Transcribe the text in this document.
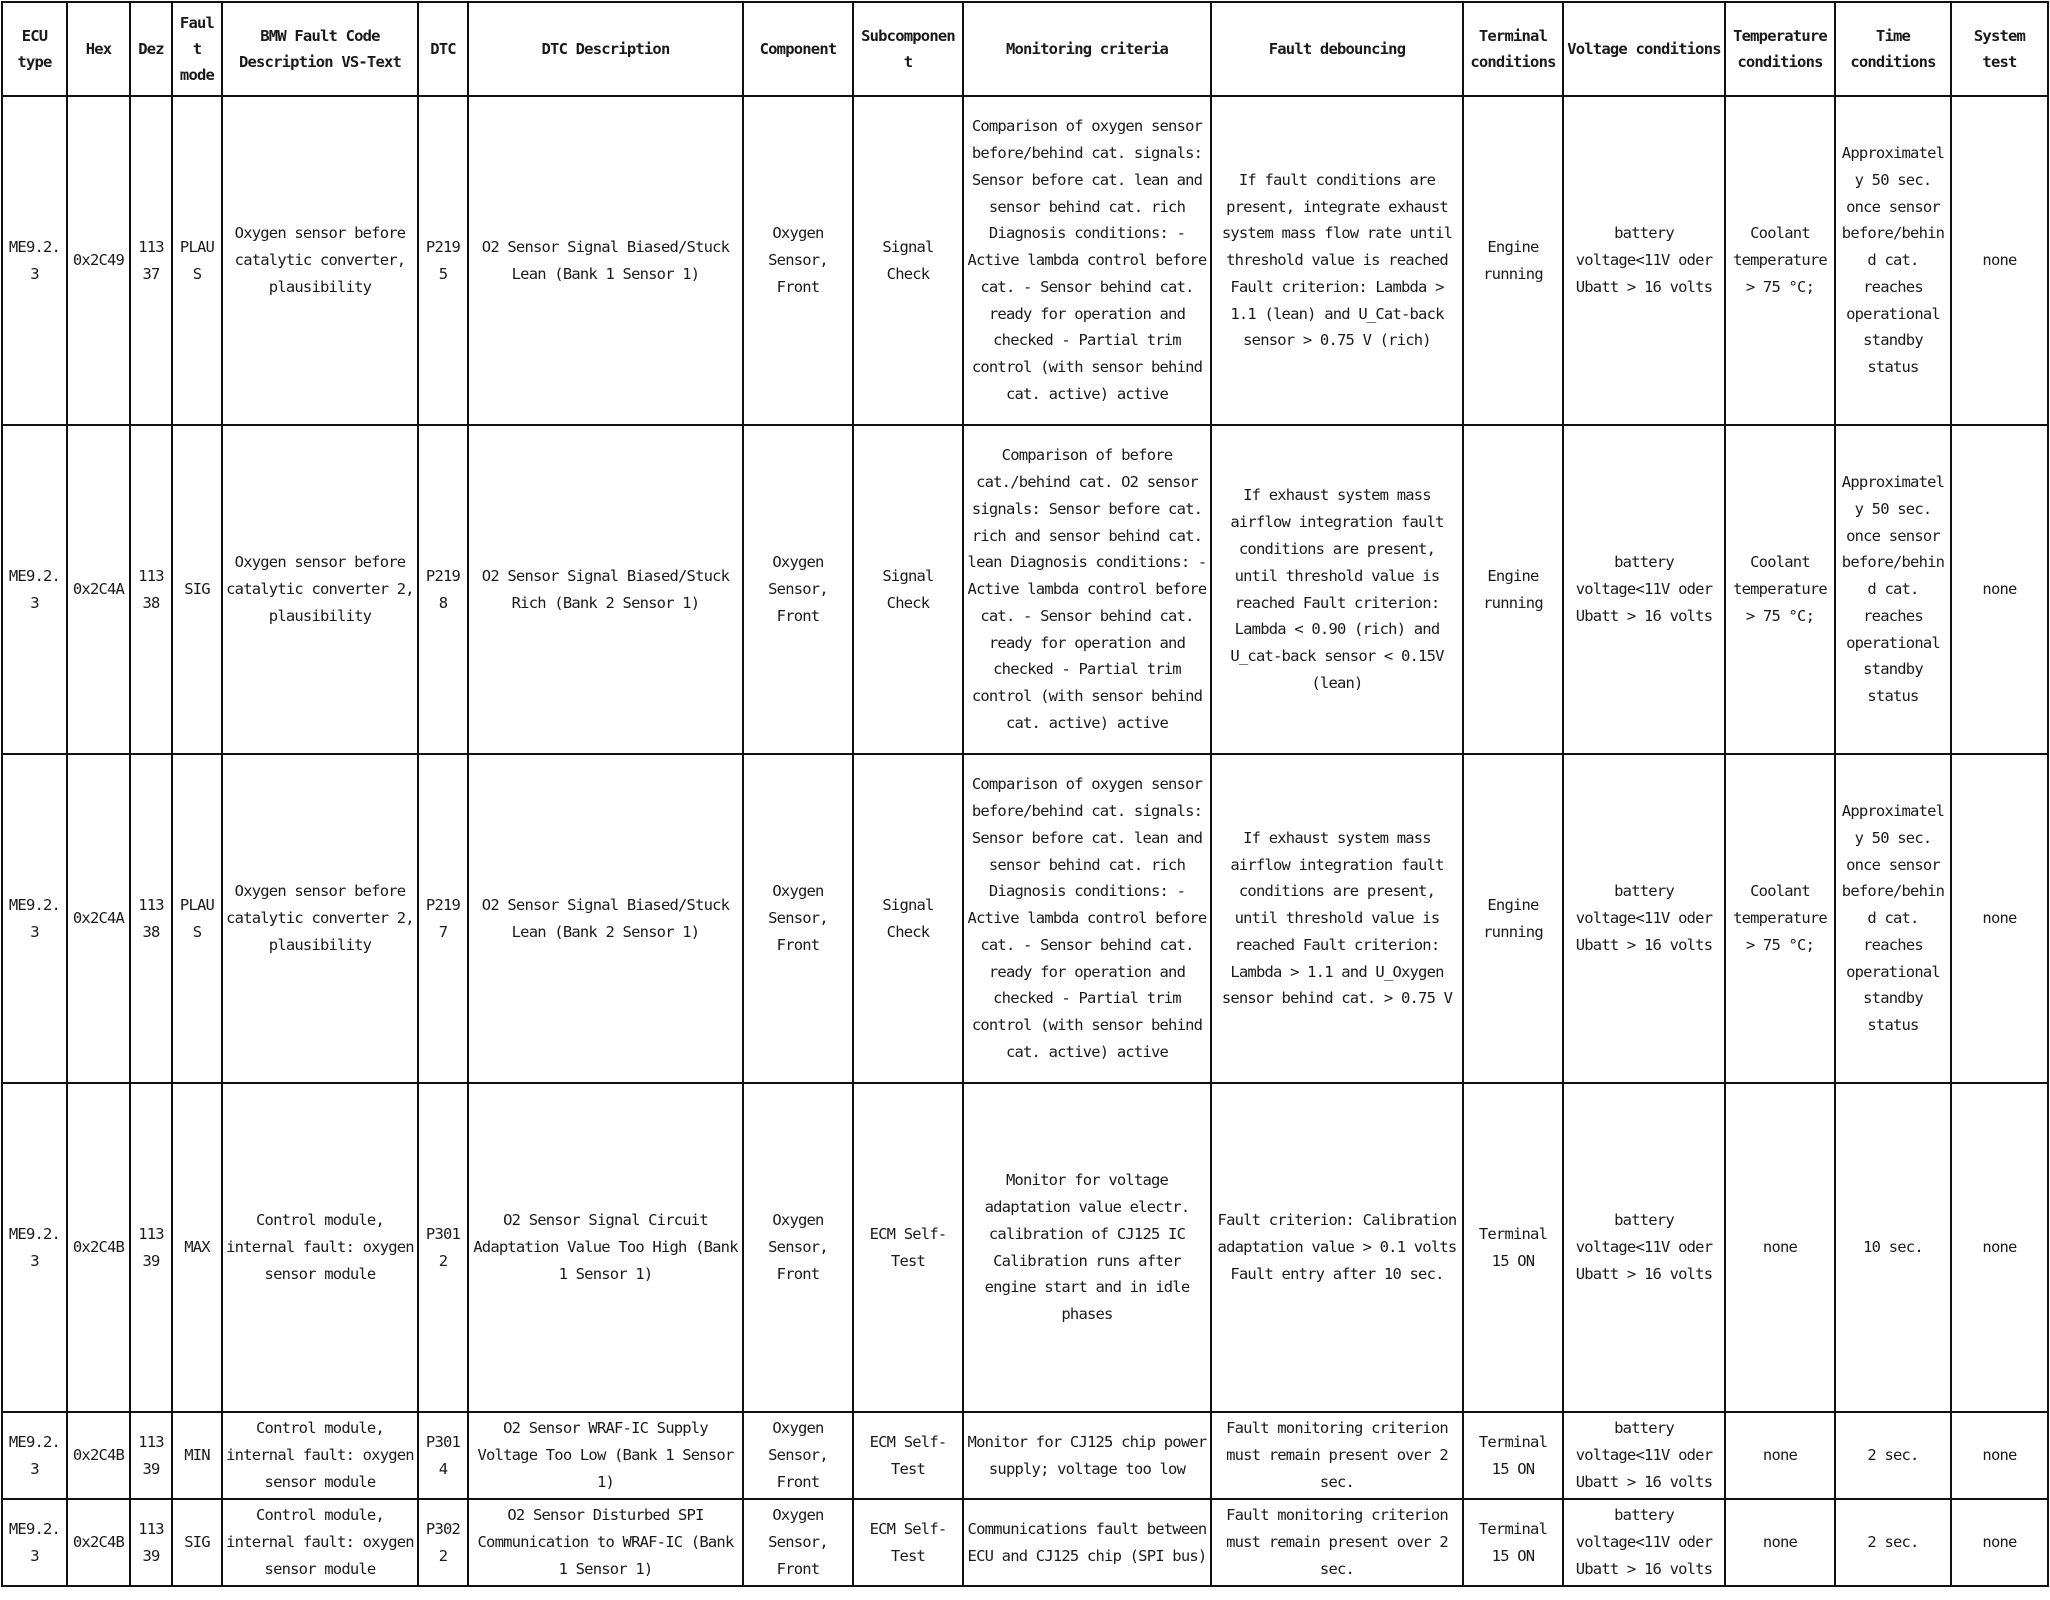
ECU type	Hex	Dez	Fault mode	BMW Fault Code Description VS-Text	DTC	DTC Description	Component	Subcomponent	Monitoring criteria	Fault debouncing	Terminal conditions	Voltage conditions	Temperature conditions	Time conditions	System test
ME9.2.3	0x2C49	11337	PLAUS	Oxygen sensor before catalytic converter, plausibility	P2195	O2 Sensor Signal Biased/Stuck Lean (Bank 1 Sensor 1)	Oxygen Sensor, Front	Signal Check	Comparison of oxygen sensor before/behind cat. signals: Sensor before cat. lean and sensor behind cat. rich Diagnosis conditions: - Active lambda control before cat. - Sensor behind cat. ready for operation and checked - Partial trim control (with sensor behind cat. active) active	If fault conditions are present, integrate exhaust system mass flow rate until threshold value is reached Fault criterion: Lambda > 1.1 (lean) and U_Cat-back sensor > 0.75 V (rich)	Engine running	battery voltage<11V oder Ubatt > 16 volts	Coolant temperature > 75 °C;	Approximately 50 sec. once sensor before/behind cat. reaches operational standby status	none
ME9.2.3	0x2C4A	11338	SIG	Oxygen sensor before catalytic converter 2, plausibility	P2198	O2 Sensor Signal Biased/Stuck Rich (Bank 2 Sensor 1)	Oxygen Sensor, Front	Signal Check	Comparison of before cat./behind cat. O2 sensor signals: Sensor before cat. rich and sensor behind cat. lean Diagnosis conditions: - Active lambda control before cat. - Sensor behind cat. ready for operation and checked - Partial trim control (with sensor behind cat. active) active	If exhaust system mass airflow integration fault conditions are present, until threshold value is reached Fault criterion: Lambda < 0.90 (rich) and U_cat-back sensor < 0.15V (lean)	Engine running	battery voltage<11V oder Ubatt > 16 volts	Coolant temperature > 75 °C;	Approximately 50 sec. once sensor before/behind cat. reaches operational standby status	none
ME9.2.3	0x2C4A	11338	PLAUS	Oxygen sensor before catalytic converter 2, plausibility	P2197	O2 Sensor Signal Biased/Stuck Lean (Bank 2 Sensor 1)	Oxygen Sensor, Front	Signal Check	Comparison of oxygen sensor before/behind cat. signals: Sensor before cat. lean and sensor behind cat. rich Diagnosis conditions: - Active lambda control before cat. - Sensor behind cat. ready for operation and checked - Partial trim control (with sensor behind cat. active) active	If exhaust system mass airflow integration fault conditions are present, until threshold value is reached Fault criterion: Lambda > 1.1 and U_Oxygen sensor behind cat. > 0.75 V	Engine running	battery voltage<11V oder Ubatt > 16 volts	Coolant temperature > 75 °C;	Approximately 50 sec. once sensor before/behind cat. reaches operational standby status	none
ME9.2.3	0x2C4B	11339	MAX	Control module, internal fault: oxygen sensor module	P3012	O2 Sensor Signal Circuit Adaptation Value Too High (Bank 1 Sensor 1)	Oxygen Sensor, Front	ECM Self-Test	Monitor for voltage adaptation value electr. calibration of CJ125 IC Calibration runs after engine start and in idle phases	Fault criterion: Calibration adaptation value > 0.1 volts Fault entry after 10 sec.	Terminal 15 ON	battery voltage<11V oder Ubatt > 16 volts	none	10 sec.	none
ME9.2.3	0x2C4B	11339	MIN	Control module, internal fault: oxygen sensor module	P3014	O2 Sensor WRAF-IC Supply Voltage Too Low (Bank 1 Sensor 1)	Oxygen Sensor, Front	ECM Self-Test	Monitor for CJ125 chip power supply; voltage too low	Fault monitoring criterion must remain present over 2 sec.	Terminal 15 ON	battery voltage<11V oder Ubatt > 16 volts	none	2 sec.	none
ME9.2.3	0x2C4B	11339	SIG	Control module, internal fault: oxygen sensor module	P3022	O2 Sensor Disturbed SPI Communication to WRAF-IC (Bank 1 Sensor 1)	Oxygen Sensor, Front	ECM Self-Test	Communications fault between ECU and CJ125 chip (SPI bus)	Fault monitoring criterion must remain present over 2 sec.	Terminal 15 ON	battery voltage<11V oder Ubatt > 16 volts	none	2 sec.	none
